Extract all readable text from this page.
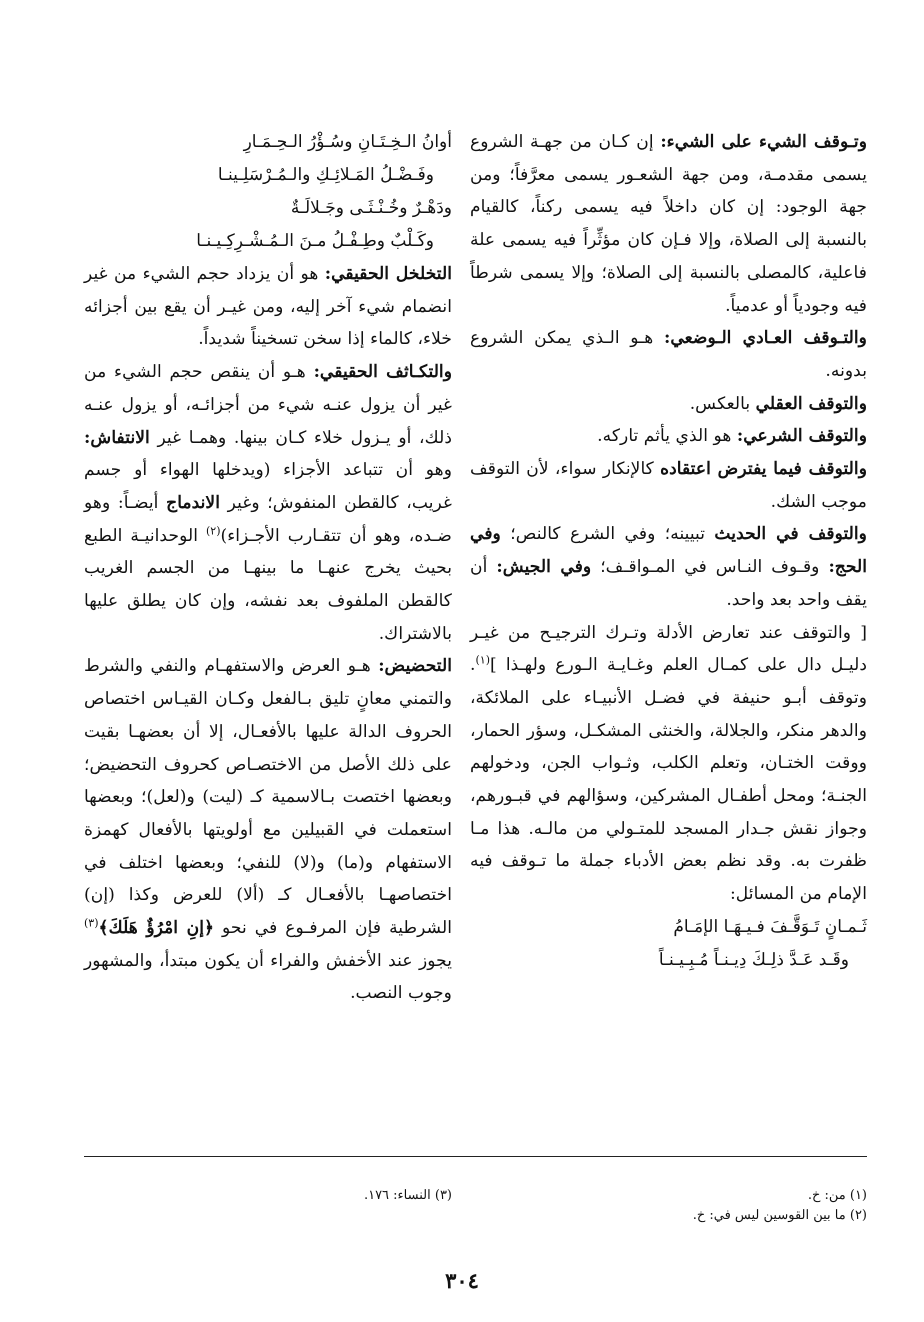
وتـوقف الشيء على الشيء: إن كـان من جهـة الشروع يسمى مقدمـة، ومن جهة الشعـور يسمى معرَّفاً؛ ومن جهة الوجود: إن كان داخلاً فيه يسمى ركناً، كالقيام بالنسبة إلى الصلاة، وإلا فـإن كان مؤثِّراً فيه يسمى علة فاعلية، كالمصلى بالنسبة إلى الصلاة؛ وإلا يسمى شرطاً فيه وجودياً أو عدمياً.

والتـوقف العـادي الـوضعي: هـو الـذي يمكن الشروع بدونه.

والتوقف العقلي بالعكس.

والتوقف الشرعي: هو الذي يأثم تاركه.

والتوقف فيما يفترض اعتقاده كالإنكار سواء، لأن التوقف موجب الشك.

والتوقف في الحديث تبيينه؛ وفي الشرع كالنص؛ وفي الحج: وقـوف النـاس في المـواقـف؛ وفي الجيش: أن يقف واحد بعد واحد.

[ والتوقف عند تعارض الأدلة وتـرك الترجيـح من غيـر دليـل دال على كمـال العلم وغـايـة الـورع ولهـذا ]$^{(١)}$. وتوقف أبـو حنيفة في فضـل الأنبيـاء على الملائكة، والدهر منكر، والجلالة، والخنثى المشكـل، وسؤر الحمار، ووقت الختـان، وتعلم الكلب، وثـواب الجن، ودخولهم الجنـة؛ ومحل أطفـال المشركين، وسؤالهم في قبـورهم، وجواز نقش جـدار المسجد للمتـولي من مالـه. هذا مـا ظفرت به. وقد نظم بعض الأدباء جملة ما تـوقف فيه الإمام من المسائل:

ثَـمـانٍ تَـوَقَّـفَ فـيـهَـا الإمَـامُ
وقَـد عَـدَّ ذلِـكَ دِيـنـاً مُـبِـيـنـاً
أوانُ الـخِـتَـانِ وسُـؤْرُ الـحِـمَـارِ
وفَـضْـلُ المَـلائِـكِ والـمُـرْسَلِـينـا
ودَهْـرٌ وخُـنْـثَـى وجَـلالَـةٌ
وكَـلْبٌ وطِـفْـلُ مـنَ الـمُـشْـرِكِـيـنـا

التخلخل الحقيقي: هو أن يزداد حجم الشيء من غير انضمام شيء آخر إليه، ومن غيـر أن يقع بين أجزائه خلاء، كالماء إذا سخن تسخيناً شديداً.

والتكـاثف الحقيقي: هـو أن ينقص حجم الشيء من غير أن يزول عنـه شيء من أجزائـه، أو يزول عنـه ذلك، أو يـزول خلاء كـان بينها. وهمـا غير الانتفاش: وهو أن تتباعد الأجزاء (ويدخلها الهواء أو جسم غريب، كالقطن المنفوش؛ وغير الاندماج أيضـاً: وهو ضـده، وهو أن تتقـارب الأجـزاء)$^{(٢)}$ الوحدانيـة الطبع بحيث يخرج عنهـا ما بينهـا من الجسم الغريب كالقطن الملفوف بعد نفشه، وإن كان يطلق عليها بالاشتراك.

التحضيض: هـو العرض والاستفهـام والنفي والشرط والتمني معانٍ تليق بـالفعل وكـان القيـاس اختصاص الحروف الدالة عليها بالأفعـال، إلا أن بعضهـا بقيت على ذلك الأصل من الاختصـاص كحروف التحضيض؛ وبعضها اختصت بـالاسمية كـ (ليت) و(لعل)؛ وبعضها استعملت في القبيلين مع أولويتها بالأفعال كهمزة الاستفهام و(ما) و(لا) للنفي؛ وبعضها اختلف في اختصاصهـا بالأفعـال كـ (ألا) للعرض وكذا (إن) الشرطية فإن المرفـوع في نحو ﴿إنِ امْرُؤٌ هَلَكَ﴾$^{(٣)}$ يجوز عند الأخفش والفراء أن يكون مبتدأ، والمشهور وجوب النصب.

(١) من: خ.
(٢) ما بين القوسين ليس في: خ.
(٣) النساء: ١٧٦.
٣٠٤
